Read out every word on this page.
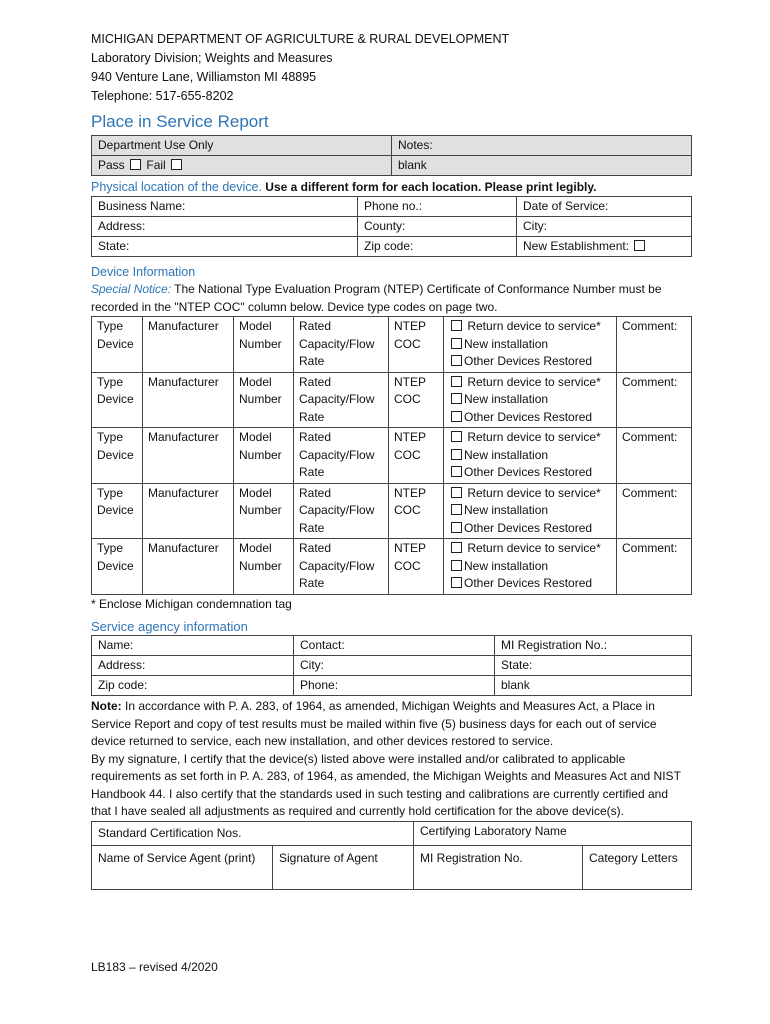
MICHIGAN DEPARTMENT OF AGRICULTURE & RURAL DEVELOPMENT
Laboratory Division; Weights and Measures
940 Venture Lane, Williamston MI 48895
Telephone: 517-655-8202
Place in Service Report
Department Use Only	Notes:
Pass Fail	blank
Physical location of the device. Use a different form for each location. Please print legibly.
Business Name:	Phone no.:	Date of Service:
Address:	County:	City:
State:	Zip code:	New Establishment:
Device Information
Special Notice: The National Type Evaluation Program (NTEP) Certificate of Conformance Number must be recorded in the "NTEP COC" column below. Device type codes on page two.
Type Device	Manufacturer	Model Number	Rated Capacity/Flow Rate	NTEP COC	Return device to service*
New installation
Other Devices Restored	Comment:
Type Device	Manufacturer	Model Number	Rated Capacity/Flow Rate	NTEP COC	Return device to service*
New installation
Other Devices Restored	Comment:
Type Device	Manufacturer	Model Number	Rated Capacity/Flow Rate	NTEP COC	Return device to service*
New installation
Other Devices Restored	Comment:
Type Device	Manufacturer	Model Number	Rated Capacity/Flow Rate	NTEP COC	Return device to service*
New installation
Other Devices Restored	Comment:
Type Device	Manufacturer	Model Number	Rated Capacity/Flow Rate	NTEP COC	Return device to service*
New installation
Other Devices Restored	Comment:
* Enclose Michigan condemnation tag
Service agency information
Name:	Contact:	MI Registration No.:
Address:	City:	State:
Zip code:	Phone:	blank
Note: In accordance with P. A. 283, of 1964, as amended, Michigan Weights and Measures Act, a Place in Service Report and copy of test results must be mailed within five (5) business days for each out of service device returned to service, each new installation, and other devices restored to service.
By my signature, I certify that the device(s) listed above were installed and/or calibrated to applicable requirements as set forth in P. A. 283, of 1964, as amended, the Michigan Weights and Measures Act and NIST Handbook 44. I also certify that the standards used in such testing and calibrations are currently certified and that I have sealed all adjustments as required and currently hold certification for the above device(s).
Standard Certification Nos.		Certifying Laboratory Name	
Name of Service Agent (print)	Signature of Agent	MI Registration No.	Category Letters
LB183 – revised 4/2020
